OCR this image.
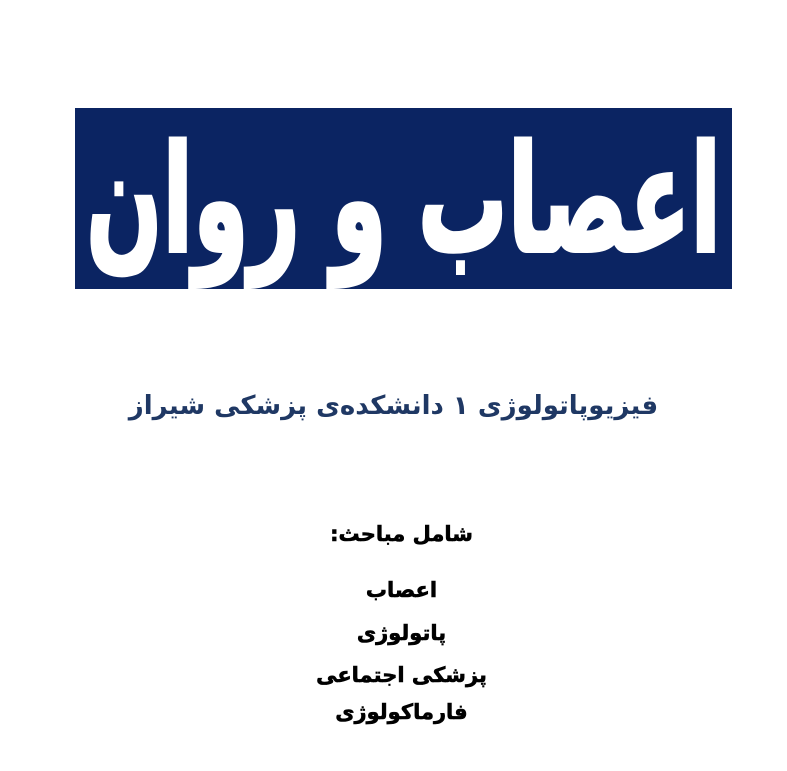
اعصاب و روان
فیزیوپاتولوژی ۱ دانشکده‌ی پزشکی شیراز
شامل مباحث:
اعصاب
پاتولوژی
پزشکی اجتماعی
فارماکولوژی
